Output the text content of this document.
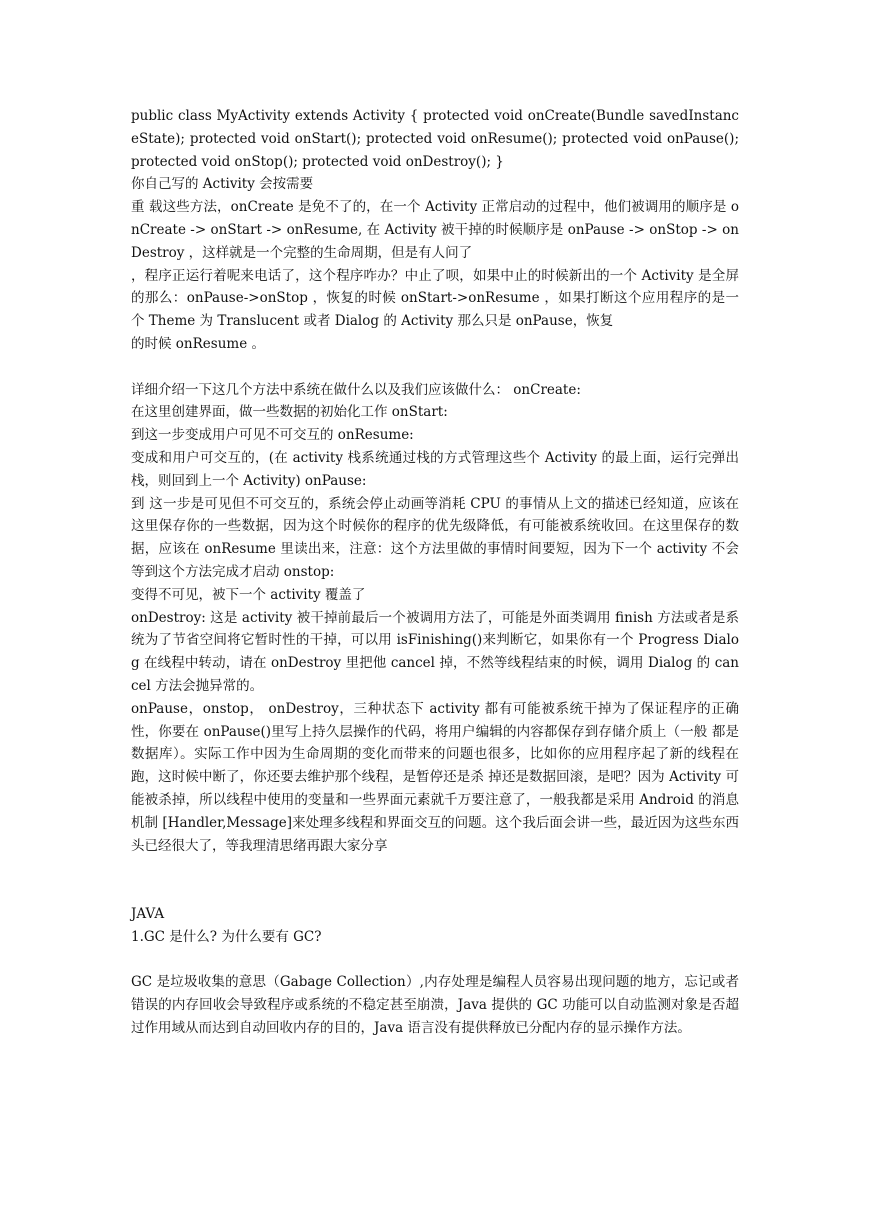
public class MyActivity extends Activity { protected void onCreate(Bundle savedInstanceState); protected void onStart(); protected void onResume(); protected void onPause(); protected void onStop(); protected void onDestroy(); }

你自己写的 Activity 会按需要

重 载这些方法，onCreate 是免不了的，在一个 Activity 正常启动的过程中，他们被调用的顺序是 onCreate -> onStart -> onResume, 在 Activity 被干掉的时候顺序是 onPause -> onStop -> onDestroy ，这样就是一个完整的生命周期，但是有人问了

，程序正运行着呢来电话了，这个程序咋办？中止了呗，如果中止的时候新出的一个 Activity 是全屏的那么：onPause->onStop ，恢复的时候 onStart->onResume ，如果打断这个应用程序的是一个 Theme 为 Translucent 或者 Dialog 的 Activity 那么只是 onPause，恢复

的时候 onResume 。

详细介绍一下这几个方法中系统在做什么以及我们应该做什么： onCreate:

在这里创建界面，做一些数据的初始化工作 onStart:

到这一步变成用户可见不可交互的 onResume:

变成和用户可交互的，(在 activity 栈系统通过栈的方式管理这些个 Activity 的最上面，运行完弹出栈，则回到上一个 Activity) onPause:

到 这一步是可见但不可交互的，系统会停止动画等消耗 CPU 的事情从上文的描述已经知道，应该在这里保存你的一些数据，因为这个时候你的程序的优先级降低，有可能被系统收回。在这里保存的数据，应该在 onResume 里读出来，注意：这个方法里做的事情时间要短，因为下一个 activity 不会等到这个方法完成才启动 onstop:

变得不可见，被下一个 activity 覆盖了

onDestroy: 这是 activity 被干掉前最后一个被调用方法了，可能是外面类调用 finish 方法或者是系统为了节省空间将它暂时性的干掉，可以用 isFinishing()来判断它，如果你有一个 Progress Dialog 在线程中转动，请在 onDestroy 里把他 cancel 掉，不然等线程结束的时候，调用 Dialog 的 cancel 方法会抛异常的。

onPause，onstop， onDestroy，三种状态下 activity 都有可能被系统干掉为了保证程序的正确性，你要在 onPause()里写上持久层操作的代码，将用户编辑的内容都保存到存储介质上（一般 都是数据库）。实际工作中因为生命周期的变化而带来的问题也很多，比如你的应用程序起了新的线程在跑，这时候中断了，你还要去维护那个线程，是暂停还是杀 掉还是数据回滚，是吧？因为 Activity 可能被杀掉，所以线程中使用的变量和一些界面元素就千万要注意了，一般我都是采用 Android 的消息机制 [Handler,Message]来处理多线程和界面交互的问题。这个我后面会讲一些，最近因为这些东西头已经很大了，等我理清思绪再跟大家分享

JAVA

1.GC 是什么? 为什么要有 GC?

GC 是垃圾收集的意思（Gabage Collection）,内存处理是编程人员容易出现问题的地方，忘记或者错误的内存回收会导致程序或系统的不稳定甚至崩溃，Java 提供的 GC 功能可以自动监测对象是否超过作用域从而达到自动回收内存的目的，Java 语言没有提供释放已分配内存的显示操作方法。
